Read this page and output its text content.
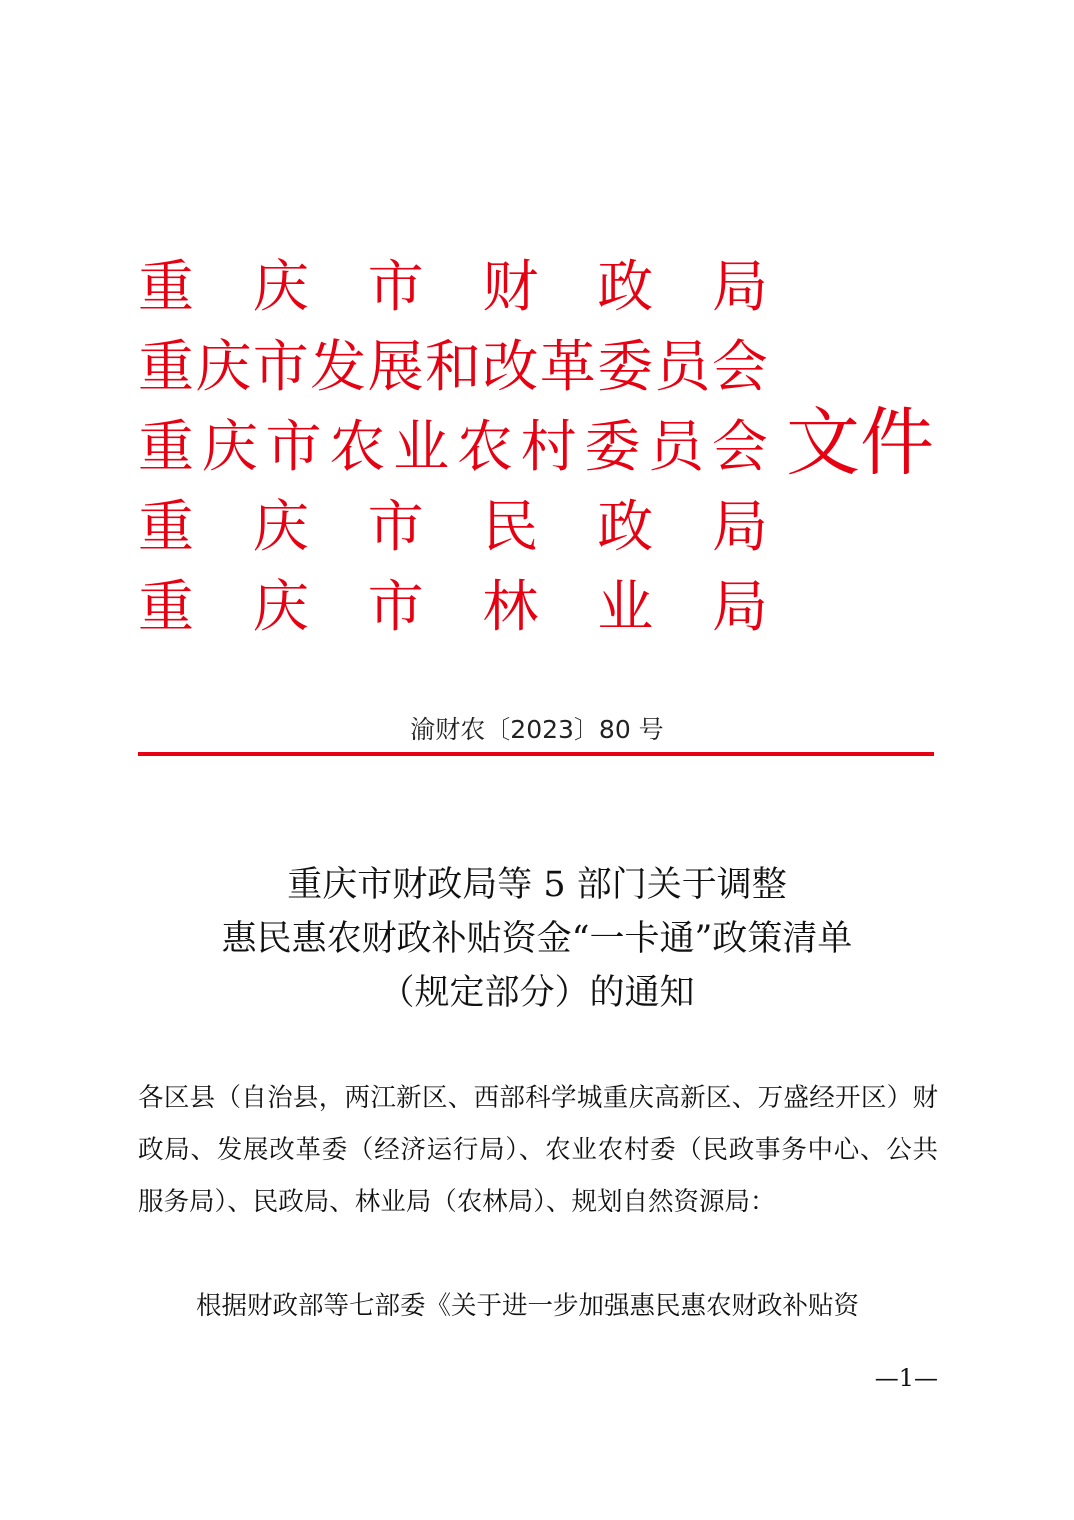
重 庆 市 财 政 局
重 庆 市 发 展 和 改 革 委 员 会
重 庆 市 农 业 农 村 委 员 会
重 庆 市 民 政 局
重 庆 市 林 业 局
文件
渝财农〔2023〕80 号
重庆市财政局等 5 部门关于调整
惠民惠农财政补贴资金“一卡通”政策清单
（规定部分）的通知
各区县（自治县，两江新区、西部科学城重庆高新区、万盛经开区）财政局、发展改革委（经济运行局）、农业农村委（民政事务中心、公共服务局）、民政局、林业局（农林局）、规划自然资源局：
根据财政部等七部委《关于进一步加强惠民惠农财政补贴资
—1—
